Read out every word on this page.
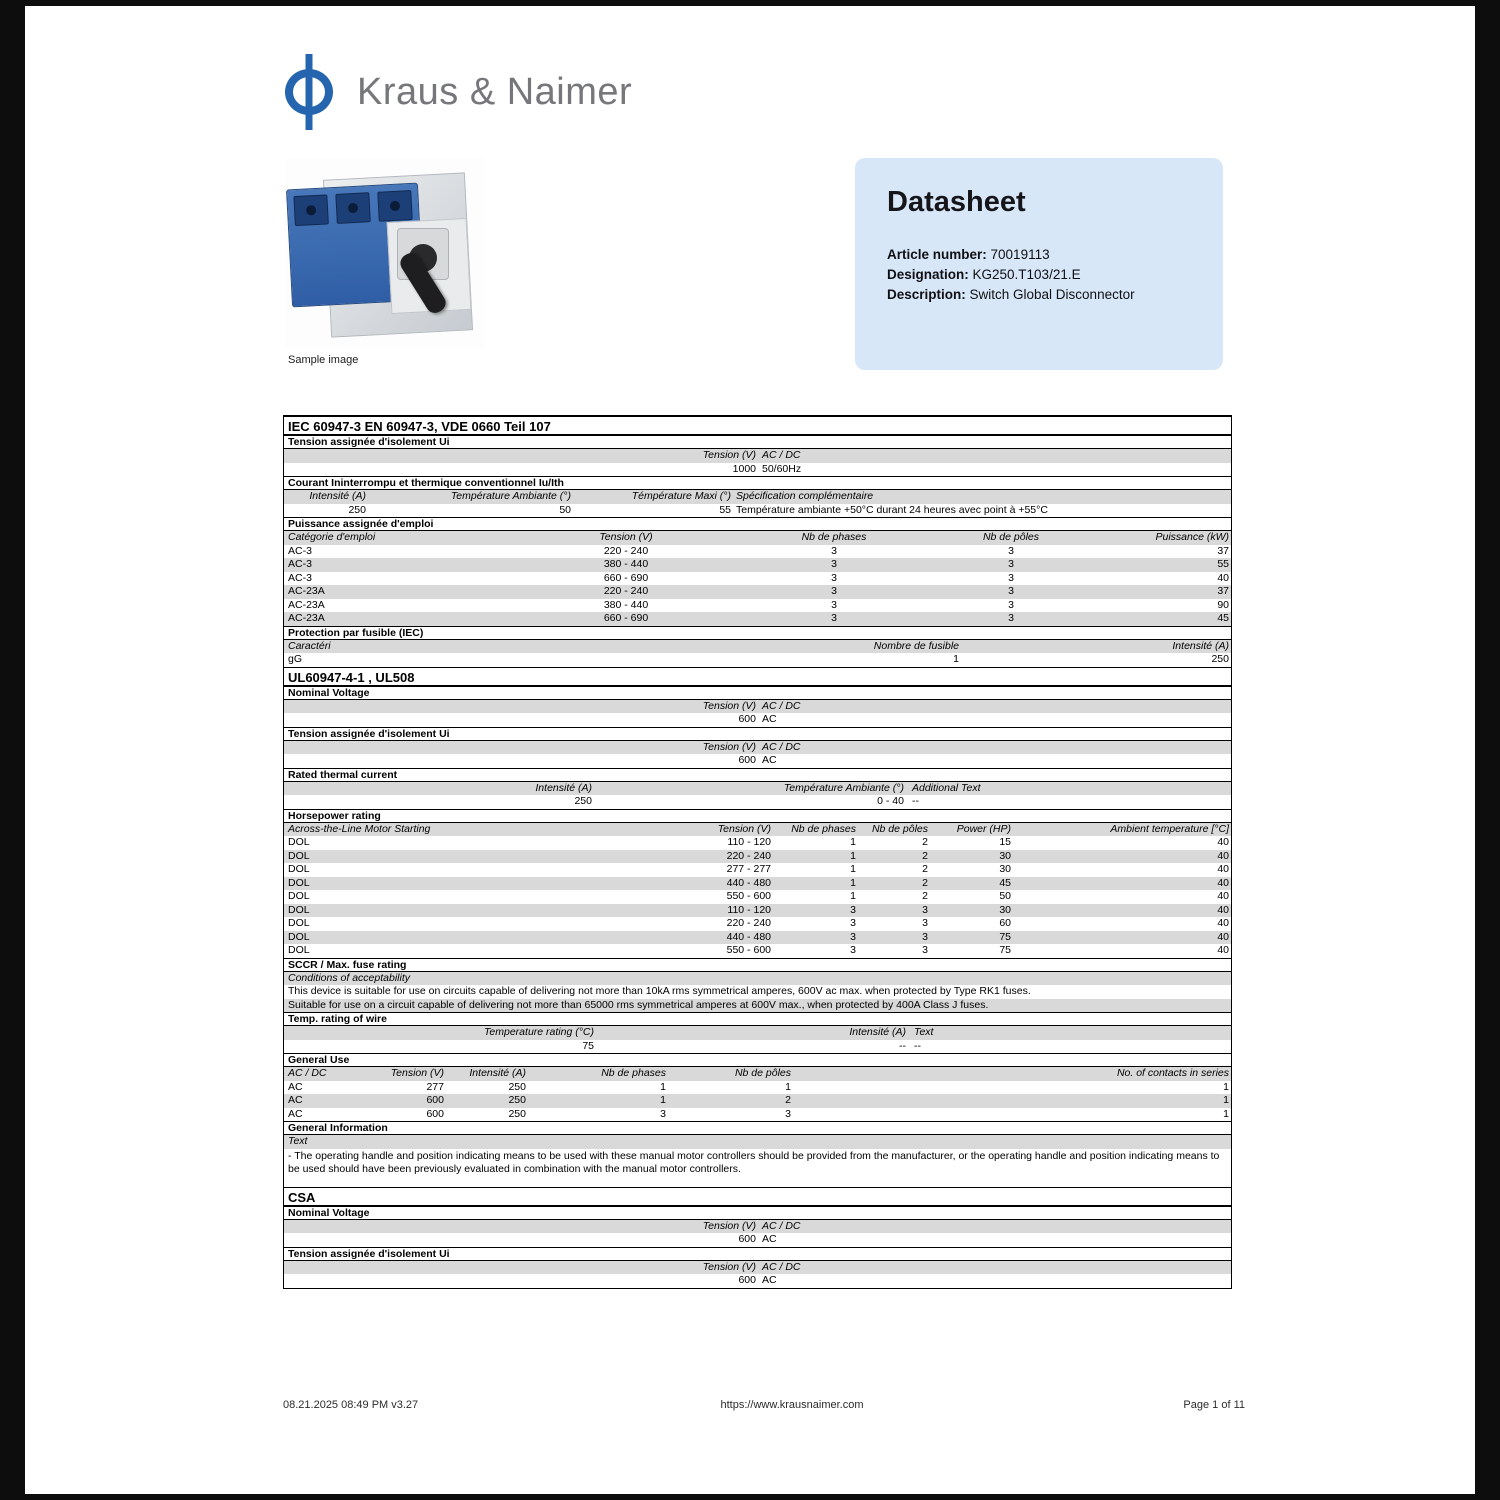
Kraus & Naimer
Sample image
Datasheet
Article number: 70019113
Designation: KG250.T103/21.E
Description: Switch Global Disconnector
IEC 60947-3 EN 60947-3, VDE 0660 Teil 107
Tension assignée d'isolement Ui
Tension (V) AC / DC
1000 50/60Hz
Courant Ininterrompu et thermique conventionnel Iu/Ith
Intensité (A)	Température Ambiante (°)	Témpérature Maxi (°) Spécification complémentaire
250	50	55 Température ambiante +50°C durant 24 heures avec point à +55°C
Puissance assignée d'emploi
Catégorie d'emploi	Tension (V)	Nb de phases	Nb de pôles	Puissance (kW)
AC-3	220 - 240	3	3	37
AC-3	380 - 440	3	3	55
AC-3	660 - 690	3	3	40
AC-23A	220 - 240	3	3	37
AC-23A	380 - 440	3	3	90
AC-23A	660 - 690	3	3	45
Protection par fusible (IEC)
Caractéri	Nombre de fusible	Intensité (A)
gG	1	250
UL60947-4-1 , UL508
Nominal Voltage
Tension (V) AC / DC
600 AC
Tension assignée d'isolement Ui
Tension (V) AC / DC
600 AC
Rated thermal current
Intensité (A)	Température Ambiante (°) Additional Text
250	0 - 40 --
Horsepower rating
Across-the-Line Motor Starting	Tension (V)	Nb de phases	Nb de pôles	Power (HP)	Ambient temperature [°C]
DOL	110 - 120	1	2	15	40
DOL	220 - 240	1	2	30	40
DOL	277 - 277	1	2	30	40
DOL	440 - 480	1	2	45	40
DOL	550 - 600	1	2	50	40
DOL	110 - 120	3	3	30	40
DOL	220 - 240	3	3	60	40
DOL	440 - 480	3	3	75	40
DOL	550 - 600	3	3	75	40
SCCR / Max. fuse rating
Conditions of acceptability
This device is suitable for use on circuits capable of delivering not more than 10kA rms symmetrical amperes, 600V ac max. when protected by Type RK1 fuses.
Suitable for use on a circuit capable of delivering not more than 65000 rms symmetrical amperes at 600V max., when protected by 400A Class J fuses.
Temp. rating of wire
Temperature rating (°C)	Intensité (A) Text
75	-- --
General Use
AC / DC	Tension (V)	Intensité (A)	Nb de phases	Nb de pôles	No. of contacts in series
AC	277	250	1	1	1
AC	600	250	1	2	1
AC	600	250	3	3	1
General Information
Text
- The operating handle and position indicating means to be used with these manual motor controllers should be provided from the manufacturer, or the operating handle and position indicating means to be used should have been previously evaluated in combination with the manual motor controllers.
CSA
Nominal Voltage
Tension (V) AC / DC
600 AC
Tension assignée d'isolement Ui
Tension (V) AC / DC
600 AC
08.21.2025 08:49 PM v3.27	https://www.krausnaimer.com	Page 1 of 11
